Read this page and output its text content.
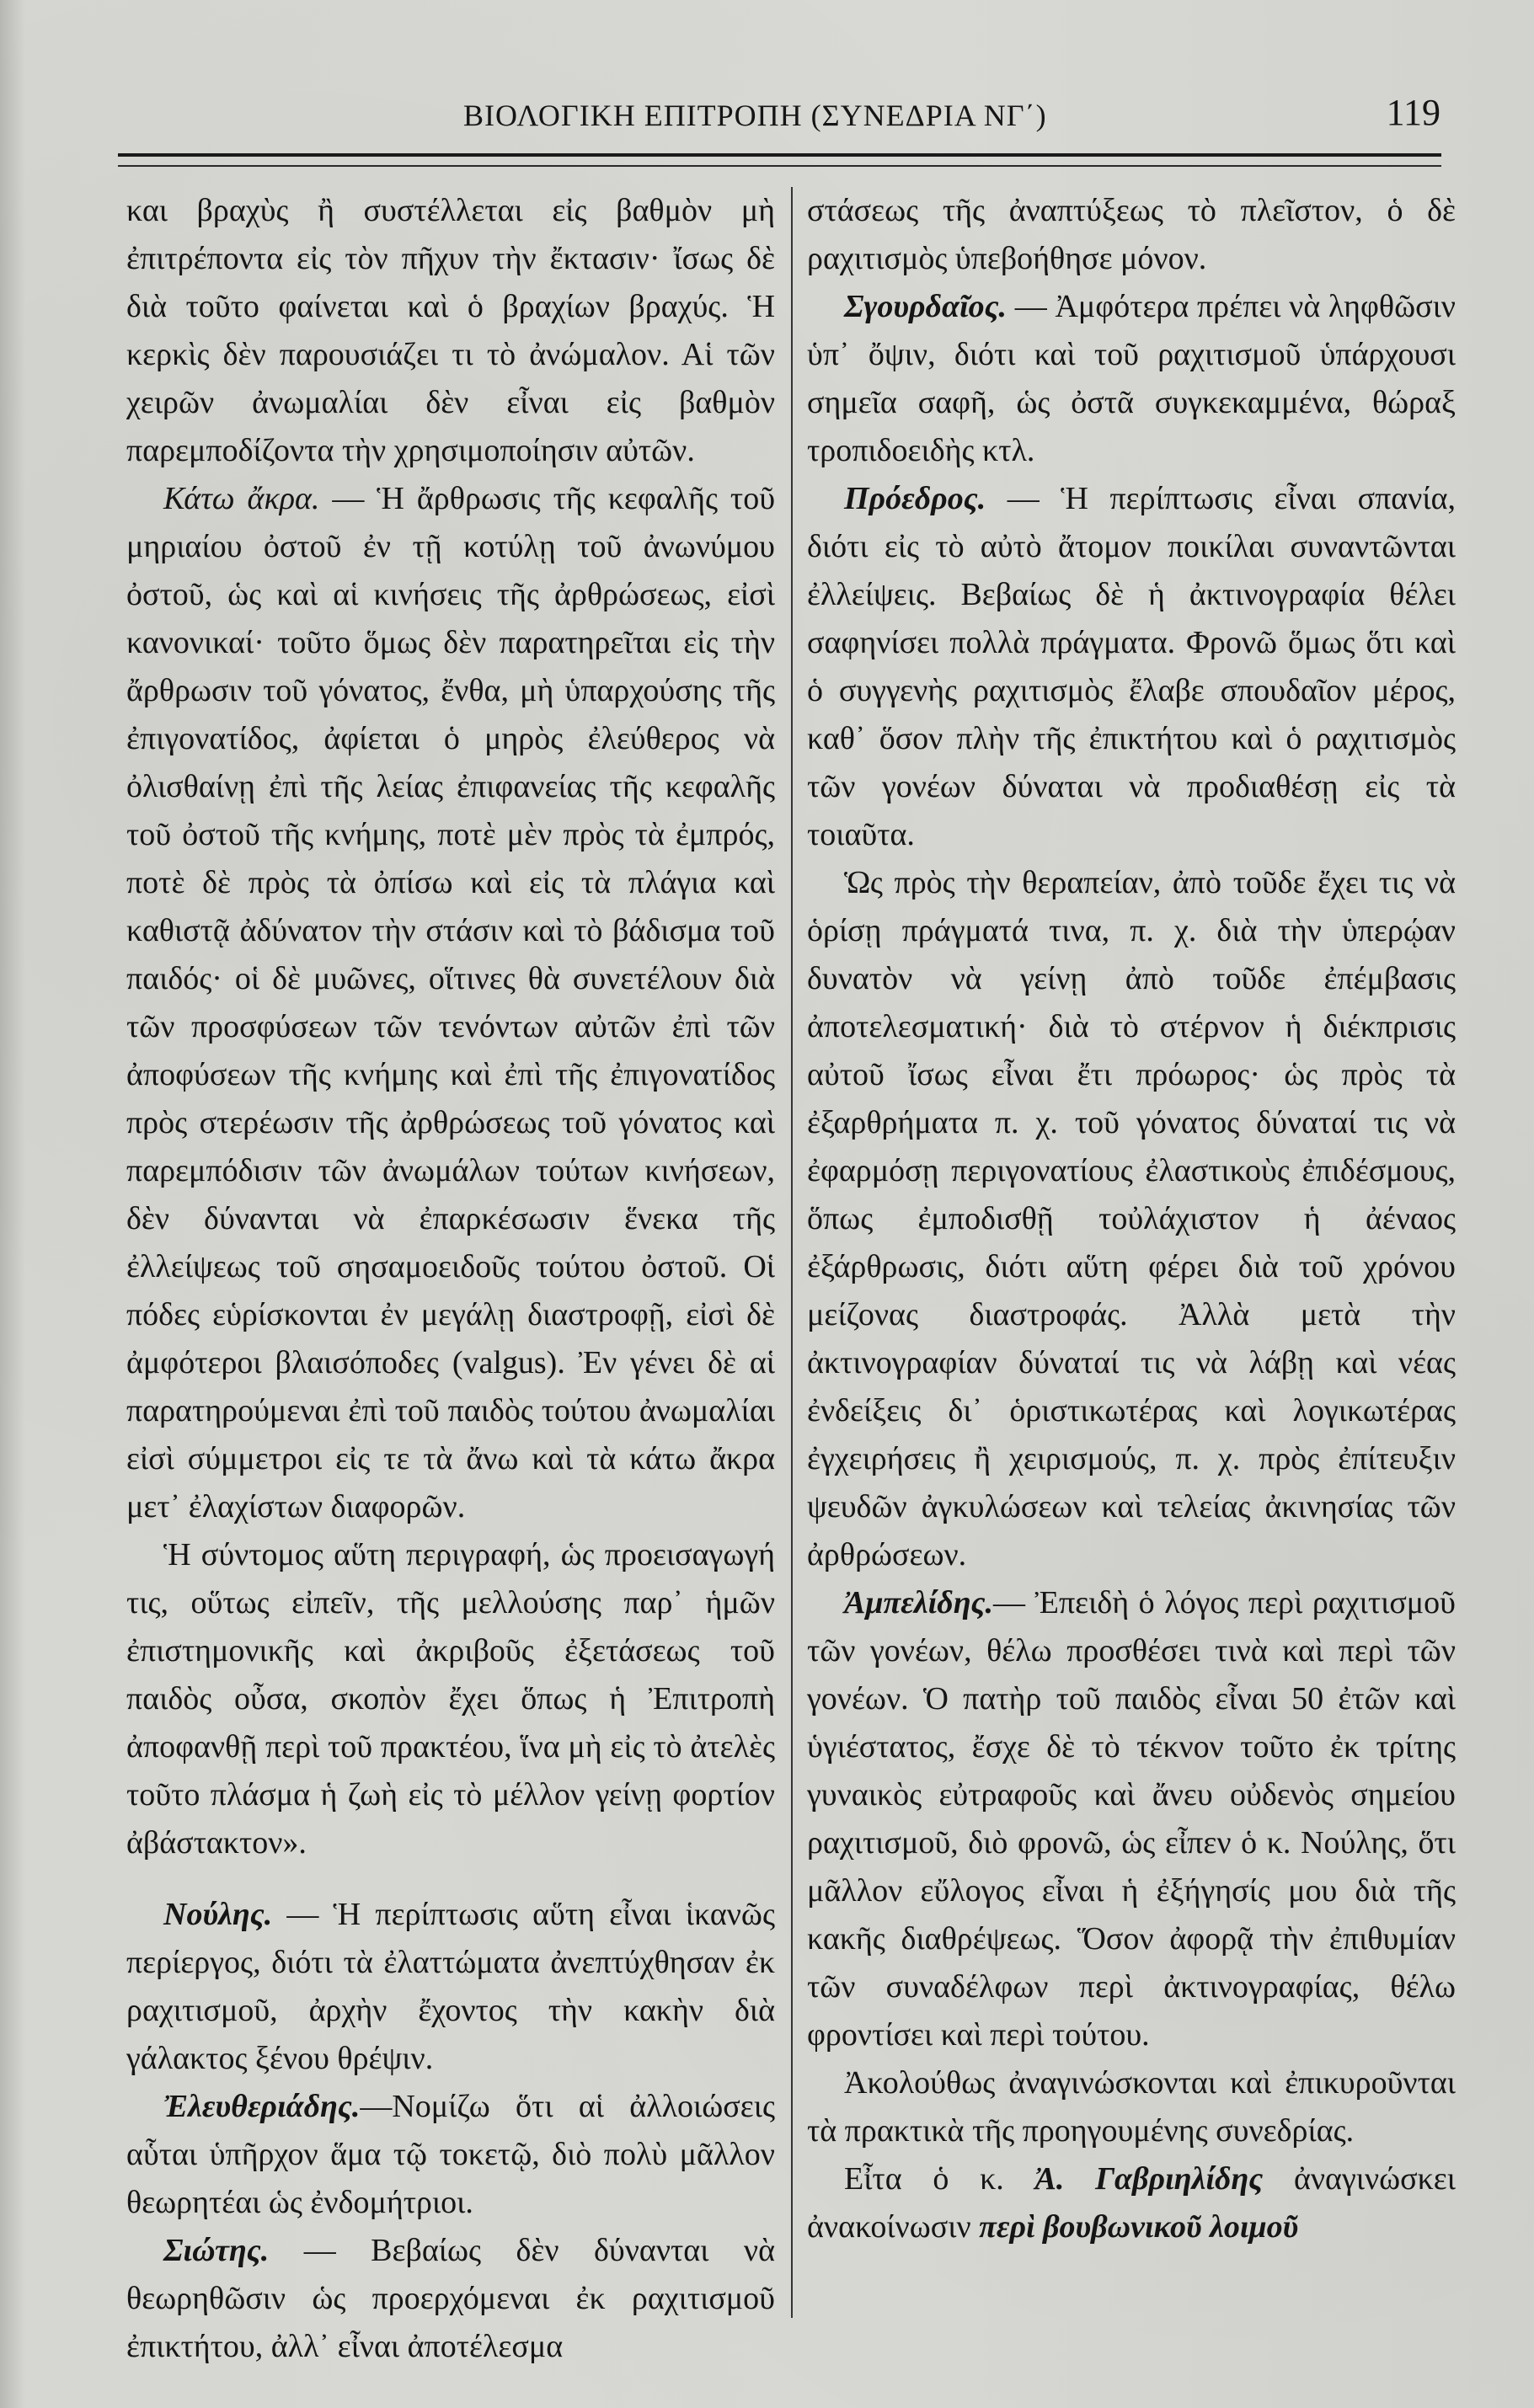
ΒΙΟΛΟΓΙΚΗ ΕΠΙΤΡΟΠΗ (ΣΥΝΕΔΡΙΑ ΝΓ΄)	119

και βραχὺς ἢ συστέλλεται εἰς βαθμὸν μὴ ἐπιτρέποντα εἰς τὸν πῆχυν τὴν ἔκτασιν· ἴσως δὲ διὰ τοῦτο φαίνεται καὶ ὁ βραχίων βραχύς. Ἡ κερκὶς δὲν παρουσιάζει τι τὸ ἀνώμαλον. Αἱ τῶν χειρῶν ἀνωμαλίαι δὲν εἶναι εἰς βαθμὸν παρεμποδίζοντα τὴν χρησιμοποίησιν αὐτῶν.

Κάτω ἄκρα. — Ἡ ἄρθρωσις τῆς κεφαλῆς τοῦ μηριαίου ὀστοῦ ἐν τῇ κοτύλῃ τοῦ ἀνωνύμου ὀστοῦ, ὡς καὶ αἱ κινήσεις τῆς ἀρθρώσεως, εἰσὶ κανονικαί· τοῦτο ὅμως δὲν παρατηρεῖται εἰς τὴν ἄρθρωσιν τοῦ γόνατος, ἔνθα, μὴ ὑπαρχούσης τῆς ἐπιγονατίδος, ἀφίεται ὁ μηρὸς ἐλεύθερος νὰ ὀλισθαίνῃ ἐπὶ τῆς λείας ἐπιφανείας τῆς κεφαλῆς τοῦ ὀστοῦ τῆς κνήμης, ποτὲ μὲν πρὸς τὰ ἐμπρός, ποτὲ δὲ πρὸς τὰ ὀπίσω καὶ εἰς τὰ πλάγια καὶ καθιστᾷ ἀδύνατον τὴν στάσιν καὶ τὸ βάδισμα τοῦ παιδός· οἱ δὲ μυῶνες, οἵτινες θὰ συνετέλουν διὰ τῶν προσφύσεων τῶν τενόντων αὐτῶν ἐπὶ τῶν ἀποφύσεων τῆς κνήμης καὶ ἐπὶ τῆς ἐπιγονατίδος πρὸς στερέωσιν τῆς ἀρθρώσεως τοῦ γόνατος καὶ παρεμπόδισιν τῶν ἀνωμάλων τούτων κινήσεων, δὲν δύνανται νὰ ἐπαρκέσωσιν ἕνεκα τῆς ἐλλείψεως τοῦ σησαμοειδοῦς τούτου ὀστοῦ. Οἱ πόδες εὑρίσκονται ἐν μεγάλῃ διαστροφῇ, εἰσὶ δὲ ἀμφότεροι βλαισόποδες (valgus). Ἐν γένει δὲ αἱ παρατηρούμεναι ἐπὶ τοῦ παιδὸς τούτου ἀνωμαλίαι εἰσὶ σύμμετροι εἰς τε τὰ ἄνω καὶ τὰ κάτω ἄκρα μετ᾿ ἐλαχίστων διαφορῶν.

Ἡ σύντομος αὕτη περιγραφή, ὡς προεισαγωγή τις, οὕτως εἰπεῖν, τῆς μελλούσης παρ᾿ ἡμῶν ἐπιστημονικῆς καὶ ἀκριβοῦς ἐξετάσεως τοῦ παιδὸς οὖσα, σκοπὸν ἔχει ὅπως ἡ Ἐπιτροπὴ ἀποφανθῇ περὶ τοῦ πρακτέου, ἵνα μὴ εἰς τὸ ἀτελὲς τοῦτο πλάσμα ἡ ζωὴ εἰς τὸ μέλλον γείνῃ φορτίον ἀβάστακτον».

Νούλης. — Ἡ περίπτωσις αὕτη εἶναι ἱκανῶς περίεργος, διότι τὰ ἐλαττώματα ἀνεπτύχθησαν ἐκ ραχιτισμοῦ, ἀρχὴν ἔχοντος τὴν κακὴν διὰ γάλακτος ξένου θρέψιν.

Ἐλευθεριάδης.—Νομίζω ὅτι αἱ ἀλλοιώσεις αὗται ὑπῆρχον ἅμα τῷ τοκετῷ, διὸ πολὺ μᾶλλον θεωρητέαι ὡς ἐνδομήτριοι.

Σιώτης. — Βεβαίως δὲν δύνανται νὰ θεωρηθῶσιν ὡς προερχόμεναι ἐκ ραχιτισμοῦ ἐπικτήτου, ἀλλ᾿ εἶναι ἀποτέλεσμα

στάσεως τῆς ἀναπτύξεως τὸ πλεῖστον, ὁ δὲ ραχιτισμὸς ὑπεβοήθησε μόνον.

Σγουρδαῖος. — Ἀμφότερα πρέπει νὰ ληφθῶσιν ὑπ᾿ ὄψιν, διότι καὶ τοῦ ραχιτισμοῦ ὑπάρχουσι σημεῖα σαφῆ, ὡς ὀστᾶ συγκεκαμμένα, θώραξ τροπιδοειδὴς κτλ.

Πρόεδρος. — Ἡ περίπτωσις εἶναι σπανία, διότι εἰς τὸ αὐτὸ ἄτομον ποικίλαι συναντῶνται ἐλλείψεις. Βεβαίως δὲ ἡ ἀκτινογραφία θέλει σαφηνίσει πολλὰ πράγματα. Φρονῶ ὅμως ὅτι καὶ ὁ συγγενὴς ραχιτισμὸς ἔλαβε σπουδαῖον μέρος, καθ᾿ ὅσον πλὴν τῆς ἐπικτήτου καὶ ὁ ραχιτισμὸς τῶν γονέων δύναται νὰ προδιαθέσῃ εἰς τὰ τοιαῦτα.

Ὡς πρὸς τὴν θεραπείαν, ἀπὸ τοῦδε ἔχει τις νὰ ὁρίσῃ πράγματά τινα, π. χ. διὰ τὴν ὑπερῴαν δυνατὸν νὰ γείνῃ ἀπὸ τοῦδε ἐπέμβασις ἀποτελεσματική· διὰ τὸ στέρνον ἡ διέκπρισις αὐτοῦ ἴσως εἶναι ἔτι πρόωρος· ὡς πρὸς τὰ ἐξαρθρήματα π. χ. τοῦ γόνατος δύναταί τις νὰ ἐφαρμόσῃ περιγονατίους ἐλαστικοὺς ἐπιδέσμους, ὅπως ἐμποδισθῇ τοὐλάχιστον ἡ ἀέναος ἐξάρθρωσις, διότι αὕτη φέρει διὰ τοῦ χρόνου μείζονας διαστροφάς. Ἀλλὰ μετὰ τὴν ἀκτινογραφίαν δύναταί τις νὰ λάβῃ καὶ νέας ἐνδείξεις δι᾿ ὁριστικωτέρας καὶ λογικωτέρας ἐγχειρήσεις ἢ χειρισμούς, π. χ. πρὸς ἐπίτευξιν ψευδῶν ἀγκυλώσεων καὶ τελείας ἀκινησίας τῶν ἀρθρώσεων.

Ἀμπελίδης.— Ἐπειδὴ ὁ λόγος περὶ ραχιτισμοῦ τῶν γονέων, θέλω προσθέσει τινὰ καὶ περὶ τῶν γονέων. Ὁ πατὴρ τοῦ παιδὸς εἶναι 50 ἐτῶν καὶ ὑγιέστατος, ἔσχε δὲ τὸ τέκνον τοῦτο ἐκ τρίτης γυναικὸς εὐτραφοῦς καὶ ἄνευ οὐδενὸς σημείου ραχιτισμοῦ, διὸ φρονῶ, ὡς εἶπεν ὁ κ. Νούλης, ὅτι μᾶλλον εὔλογος εἶναι ἡ ἐξήγησίς μου διὰ τῆς κακῆς διαθρέψεως. Ὅσον ἀφορᾷ τὴν ἐπιθυμίαν τῶν συναδέλφων περὶ ἀκτινογραφίας, θέλω φροντίσει καὶ περὶ τούτου.

Ἀκολούθως ἀναγινώσκονται καὶ ἐπικυροῦνται τὰ πρακτικὰ τῆς προηγουμένης συνεδρίας.

Εἶτα ὁ κ. Ἀ. Γαβριηλίδης ἀναγινώσκει ἀνακοίνωσιν περὶ βουβωνικοῦ λοιμοῦ
